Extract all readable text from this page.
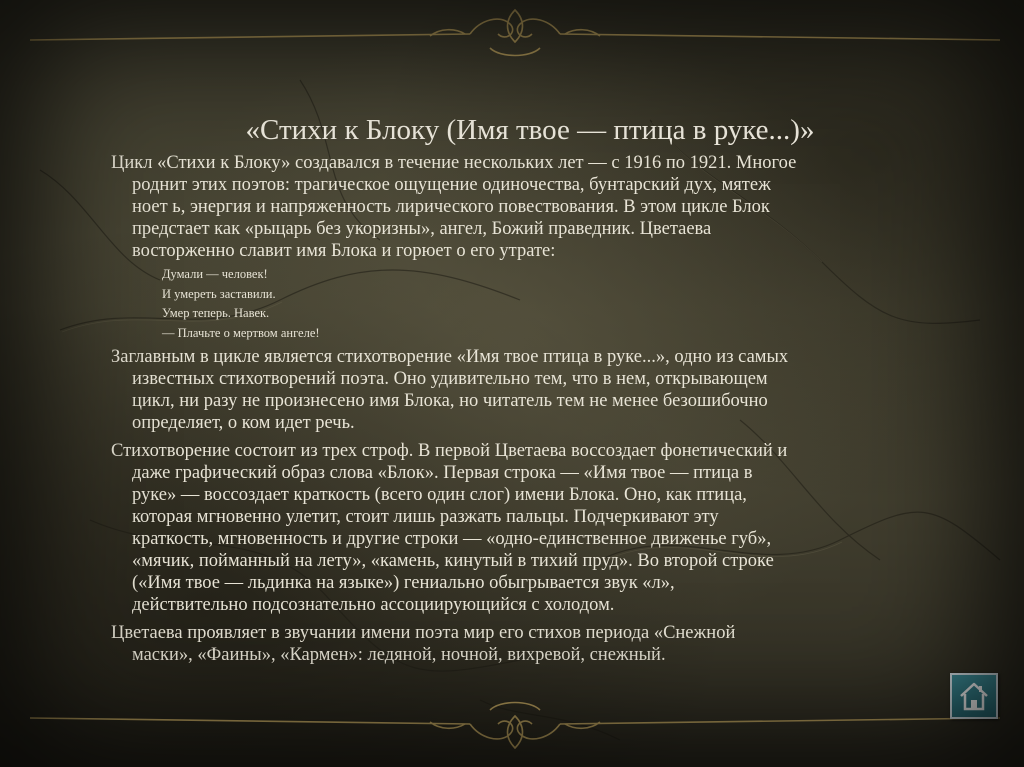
«Стихи к Блоку (Имя твое — птица в руке...)»

Цикл «Стихи к Блоку» создавался в течение нескольких лет — с 1916 по 1921. Многое
роднит этих поэтов: трагическое ощущение одиночества, бунтарский дух, мятеж
ноет ь, энергия и напряженность лирического повествования. В этом цикле Блок
предстает как «рыцарь без укоризны», ангел, Божий праведник. Цветаева
восторженно славит имя Блока и горюет о его утрате:

Думали — человек!
И умереть заставили.
Умер теперь. Навек.
— Плачьте о мертвом ангеле!

Заглавным в цикле является стихотворение «Имя твое птица в руке...», одно из самых
известных стихотворений поэта. Оно удивительно тем, что в нем, открывающем
цикл, ни разу не произнесено имя Блока, но читатель тем не менее безошибочно
определяет, о ком идет речь.

Стихотворение состоит из трех строф. В первой Цветаева воссоздает фонетический и
даже графический образ слова «Блок». Первая строка — «Имя твое — птица в
руке» — воссоздает краткость (всего один слог) имени Блока. Оно, как птица,
которая мгновенно улетит, стоит лишь разжать пальцы. Подчеркивают эту
краткость, мгновенность и другие строки — «одно-единственное движенье губ»,
«мячик, пойманный на лету», «камень, кинутый в тихий пруд». Во второй строке
(«Имя твое — льдинка на языке») гениально обыгрывается звук «л»,
действительно подсознательно ассоциирующийся с холодом.

Цветаева проявляет в звучании имени поэта мир его стихов периода «Снежной
маски», «Фаины», «Кармен»: ледяной, ночной, вихревой, снежный.
